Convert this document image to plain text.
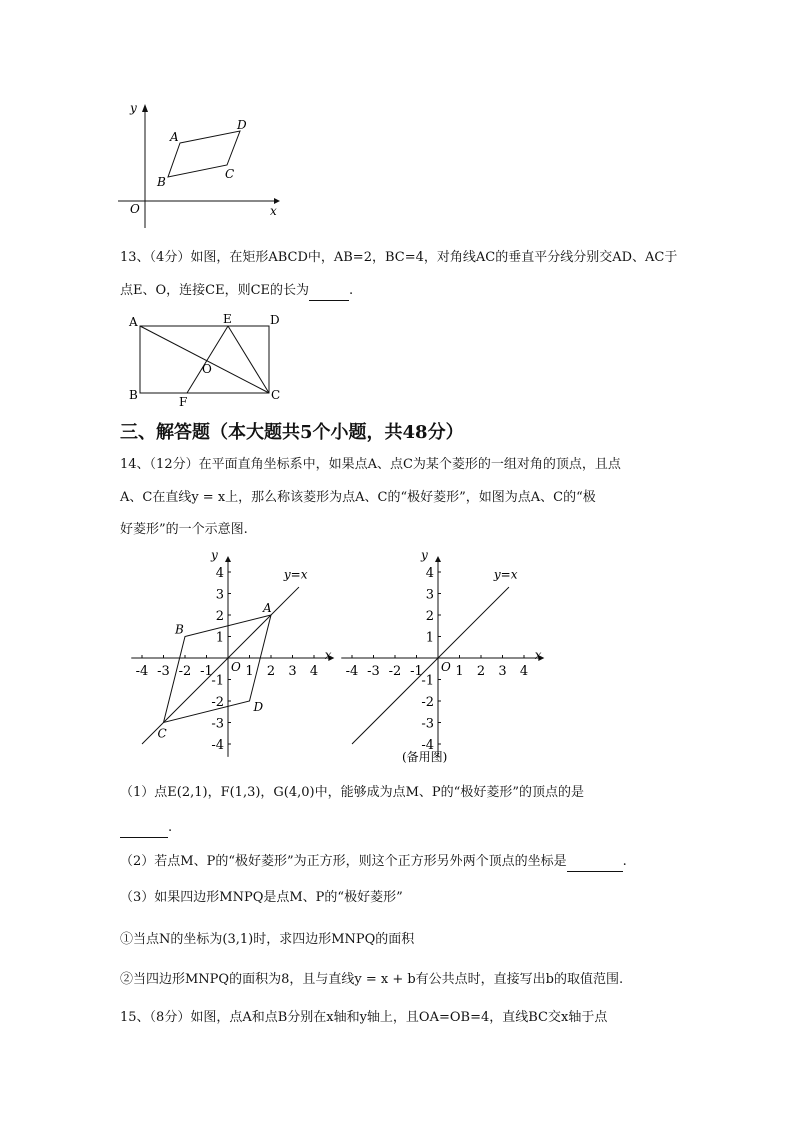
y
x
O
A
B
C
D
13、（4分）如图，在矩形ABCD中，AB=2，BC=4，对角线AC的垂直平分线分别交AD、AC于
点E、O，连接CE，则CE的长为	.
A
B	C
D
E
F
O
三、解答题（本大题共5个小题，共48分）
14、（12分）在平面直角坐标系中，如果点A、点C为某个菱形的一组对角的顶点，且点
A、C在直线y = x上，那么称该菱形为点A、C的“极好菱形”，如图为点A、C的“极
好菱形”的一个示意图.
-4 -3 -2 -1	1 2 3 4
4
3
2
1
-1
-2
-3
-4
O
y
x
y=x
A
B
C
D
-4 -3 -2 -1	1 2 3 4
4
3
2
1
-1
-2
-3
-4
O
y
x
y=x
(备用图)
（1）点E(2,1)，F(1,3)，G(4,0)中，能够成为点M、P的“极好菱形”的顶点的是
.
（2）若点M、P的“极好菱形”为正方形，则这个正方形另外两个顶点的坐标是	.
（3）如果四边形MNPQ是点M、P的“极好菱形”
①当点N的坐标为(3,1)时，求四边形MNPQ的面积
②当四边形MNPQ的面积为8，且与直线y = x + b有公共点时，直接写出b的取值范围.
15、（8分）如图，点A和点B分别在x轴和y轴上，且OA=OB=4，直线BC交x轴于点
